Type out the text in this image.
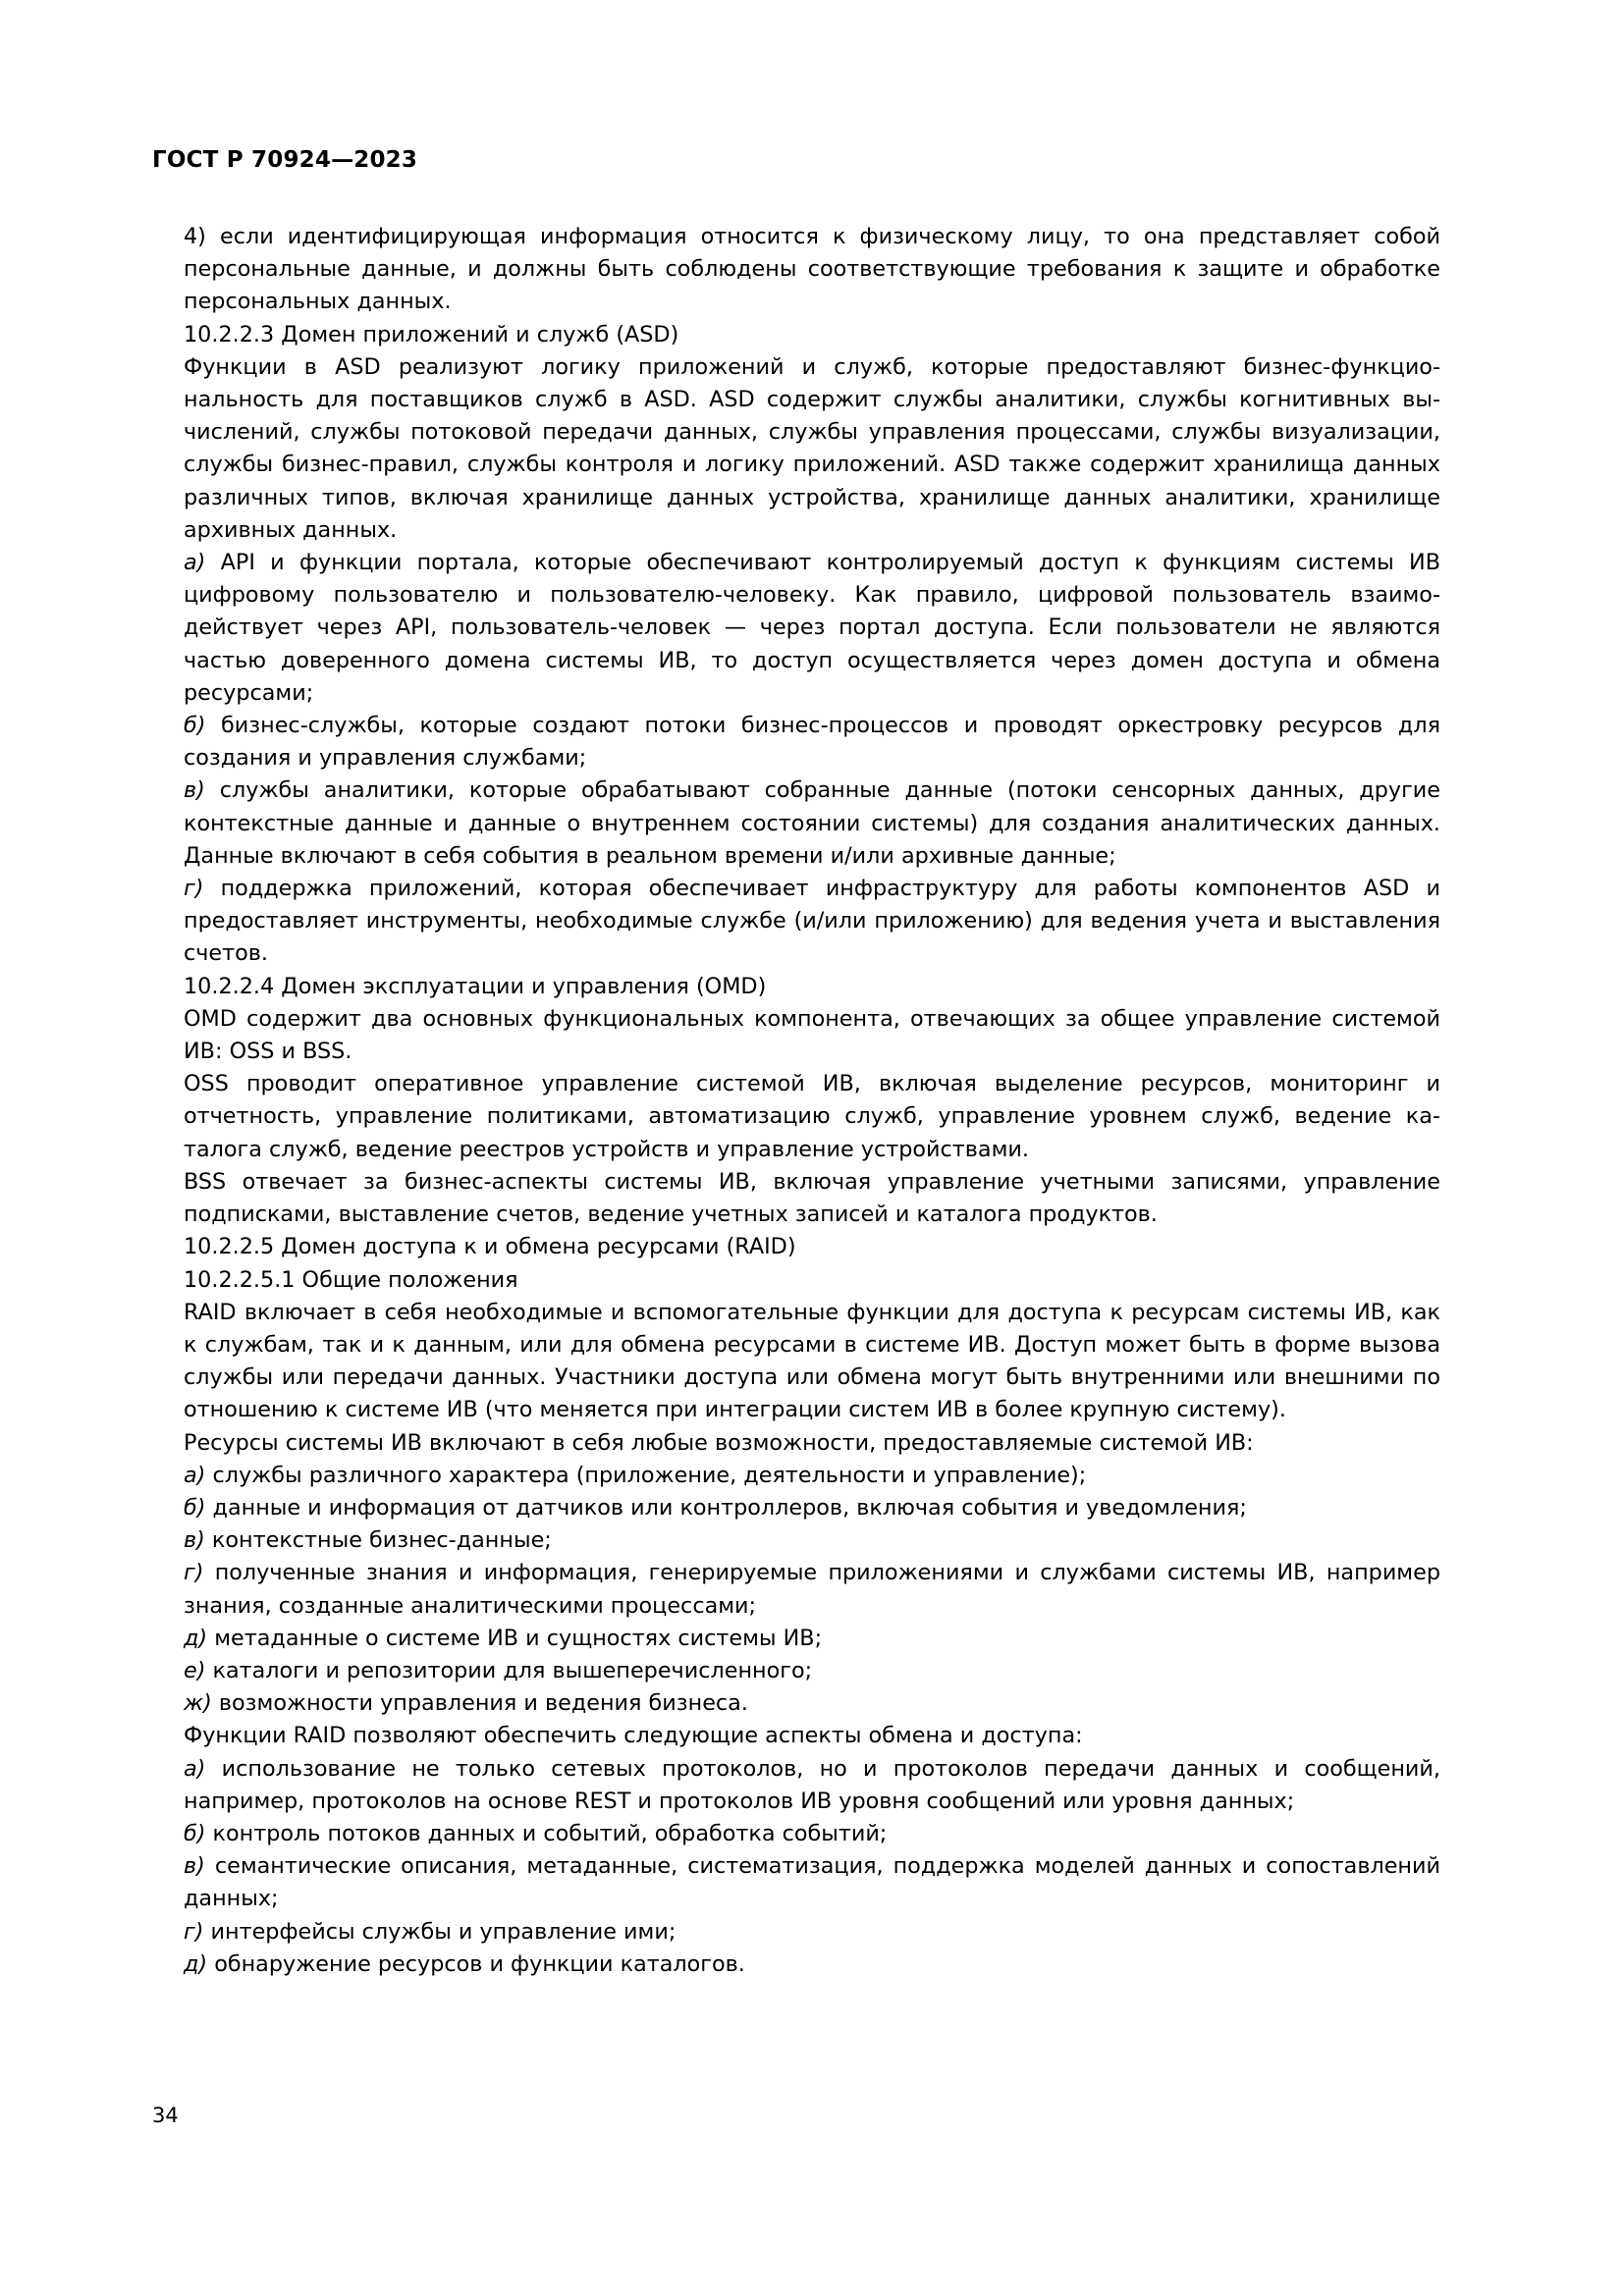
ГОСТ Р 70924—2023

4) если идентифицирующая информация относится к физическому лицу, то она представляет собой персональные данные, и должны быть соблюдены соответствующие требования к защите и обработке персональных данных.

10.2.2.3 Домен приложений и служб (ASD)

Функции в ASD реализуют логику приложений и служб, которые предоставляют бизнес-функциональность для поставщиков служб в ASD. ASD содержит службы аналитики, службы когнитивных вычислений, службы потоковой передачи данных, службы управления процессами, службы визуализации, службы бизнес-правил, службы контроля и логику приложений. ASD также содержит хранилища данных различных типов, включая хранилище данных устройства, хранилище данных аналитики, хранилище архивных данных.

а) API и функции портала, которые обеспечивают контролируемый доступ к функциям системы ИВ цифровому пользователю и пользователю-человеку. Как правило, цифровой пользователь взаимодействует через API, пользователь-человек — через портал доступа. Если пользователи не являются частью доверенного домена системы ИВ, то доступ осуществляется через домен доступа и обмена ресурсами;

б) бизнес-службы, которые создают потоки бизнес-процессов и проводят оркестровку ресурсов для создания и управления службами;

в) службы аналитики, которые обрабатывают собранные данные (потоки сенсорных данных, другие контекстные данные и данные о внутреннем состоянии системы) для создания аналитических данных. Данные включают в себя события в реальном времени и/или архивные данные;

г) поддержка приложений, которая обеспечивает инфраструктуру для работы компонентов ASD и предоставляет инструменты, необходимые службе (и/или приложению) для ведения учета и выставления счетов.

10.2.2.4 Домен эксплуатации и управления (OMD)

OMD содержит два основных функциональных компонента, отвечающих за общее управление системой ИВ: OSS и BSS.

OSS проводит оперативное управление системой ИВ, включая выделение ресурсов, мониторинг и отчетность, управление политиками, автоматизацию служб, управление уровнем служб, ведение каталога служб, ведение реестров устройств и управление устройствами.

BSS отвечает за бизнес-аспекты системы ИВ, включая управление учетными записями, управление подписками, выставление счетов, ведение учетных записей и каталога продуктов.

10.2.2.5 Домен доступа к и обмена ресурсами (RAID)

10.2.2.5.1 Общие положения

RAID включает в себя необходимые и вспомогательные функции для доступа к ресурсам системы ИВ, как к службам, так и к данным, или для обмена ресурсами в системе ИВ. Доступ может быть в форме вызова службы или передачи данных. Участники доступа или обмена могут быть внутренними или внешними по отношению к системе ИВ (что меняется при интеграции систем ИВ в более крупную систему).

Ресурсы системы ИВ включают в себя любые возможности, предоставляемые системой ИВ:

а) службы различного характера (приложение, деятельности и управление);

б) данные и информация от датчиков или контроллеров, включая события и уведомления;

в) контекстные бизнес-данные;

г) полученные знания и информация, генерируемые приложениями и службами системы ИВ, например знания, созданные аналитическими процессами;

д) метаданные о системе ИВ и сущностях системы ИВ;

е) каталоги и репозитории для вышеперечисленного;

ж) возможности управления и ведения бизнеса.

Функции RAID позволяют обеспечить следующие аспекты обмена и доступа:

а) использование не только сетевых протоколов, но и протоколов передачи данных и сообщений, например, протоколов на основе REST и протоколов ИВ уровня сообщений или уровня данных;

б) контроль потоков данных и событий, обработка событий;

в) семантические описания, метаданные, систематизация, поддержка моделей данных и сопоставлений данных;

г) интерфейсы службы и управление ими;

д) обнаружение ресурсов и функции каталогов.

34
